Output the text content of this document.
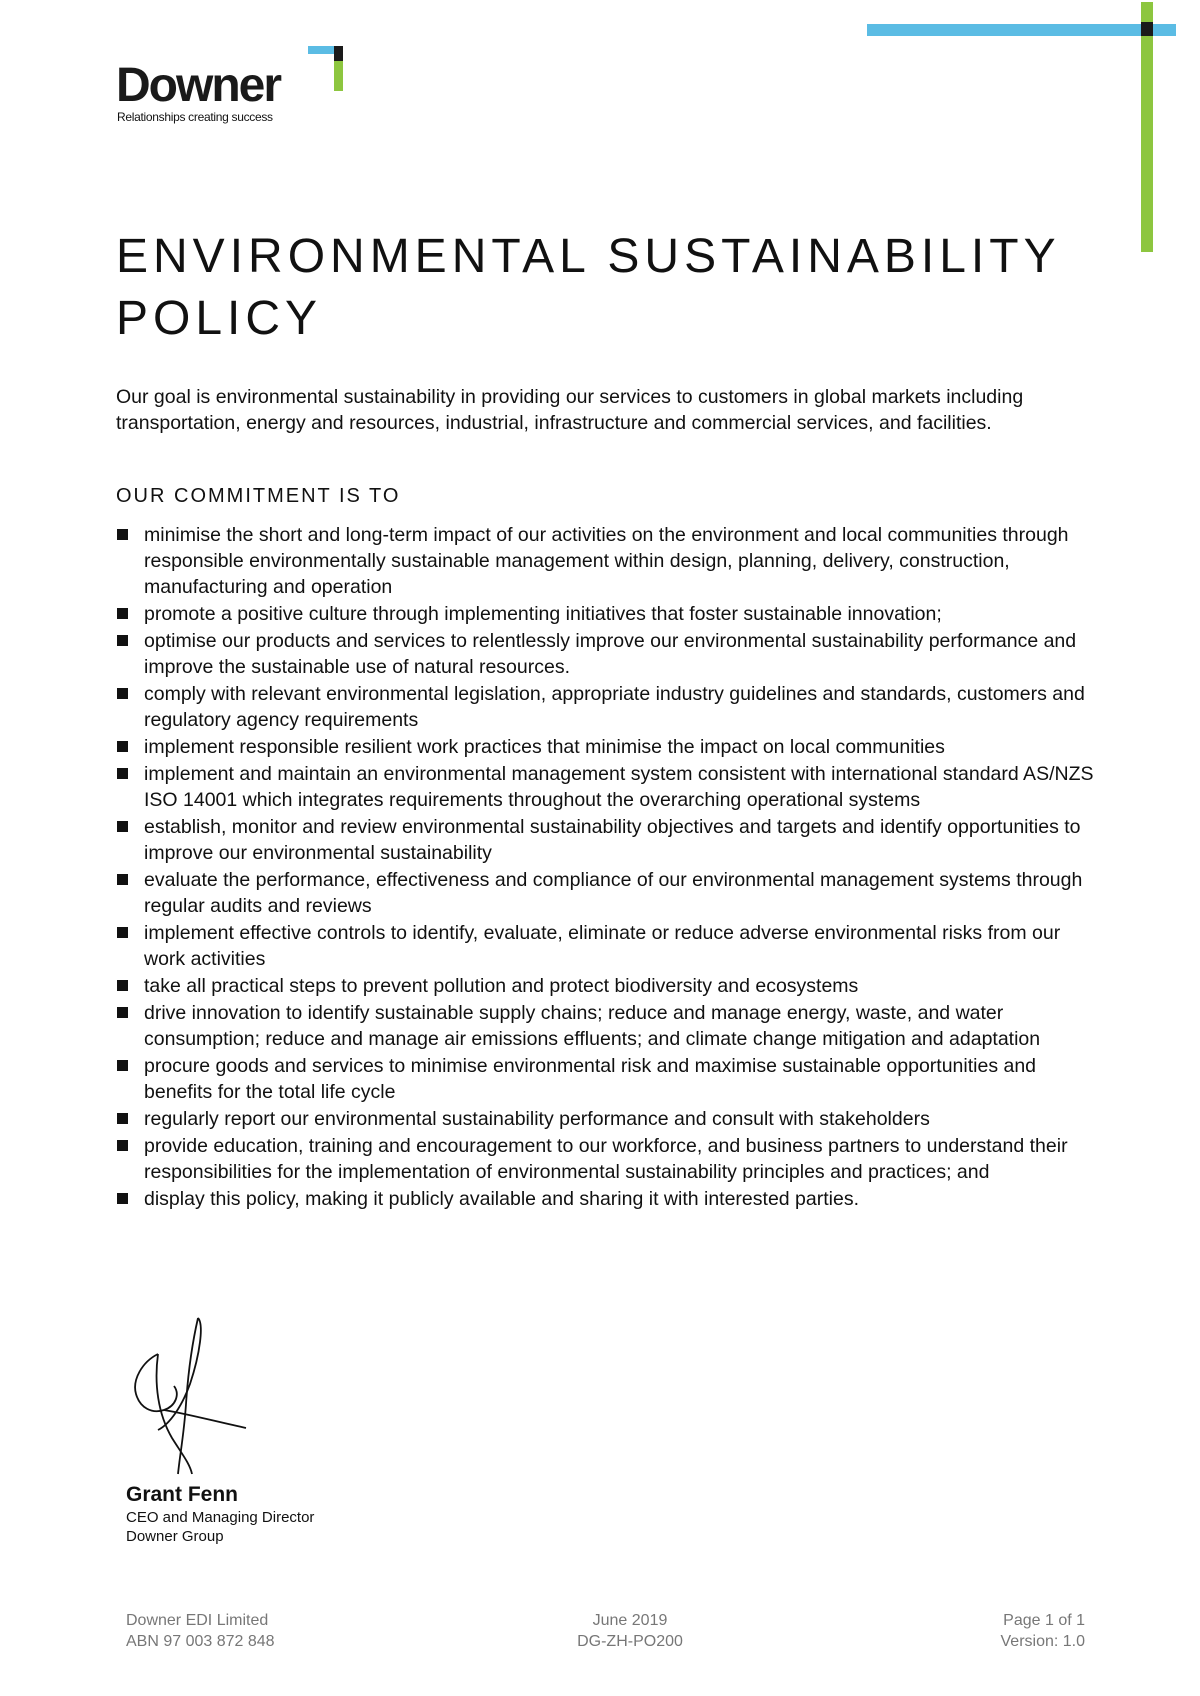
Downer
Relationships creating success
ENVIRONMENTAL SUSTAINABILITY POLICY

Our goal is environmental sustainability in providing our services to customers in global markets including transportation, energy and resources, industrial, infrastructure and commercial services, and facilities.

OUR COMMITMENT IS TO
minimise the short and long-term impact of our activities on the environment and local communities through responsible environmentally sustainable management within design, planning, delivery, construction, manufacturing and operation
promote a positive culture through implementing initiatives that foster sustainable innovation;
optimise our products and services to relentlessly improve our environmental sustainability performance and improve the sustainable use of natural resources.
comply with relevant environmental legislation, appropriate industry guidelines and standards, customers and regulatory agency requirements
implement responsible resilient work practices that minimise the impact on local communities
implement and maintain an environmental management system consistent with international standard AS/NZS ISO 14001 which integrates requirements throughout the overarching operational systems
establish, monitor and review environmental sustainability objectives and targets and identify opportunities to improve our environmental sustainability
evaluate the performance, effectiveness and compliance of our environmental management systems through regular audits and reviews
implement effective controls to identify, evaluate, eliminate or reduce adverse environmental risks from our work activities
take all practical steps to prevent pollution and protect biodiversity and ecosystems
drive innovation to identify sustainable supply chains; reduce and manage energy, waste, and water consumption; reduce and manage air emissions effluents; and climate change mitigation and adaptation
procure goods and services to minimise environmental risk and maximise sustainable opportunities and benefits for the total life cycle
regularly report our environmental sustainability performance and consult with stakeholders
provide education, training and encouragement to our workforce, and business partners to understand their responsibilities for the implementation of environmental sustainability principles and practices; and
display this policy, making it publicly available and sharing it with interested parties.
Grant Fenn
CEO and Managing Director
Downer Group
Downer EDI Limited
ABN 97 003 872 848
June 2019
DG-ZH-PO200
Page 1 of 1
Version: 1.0
